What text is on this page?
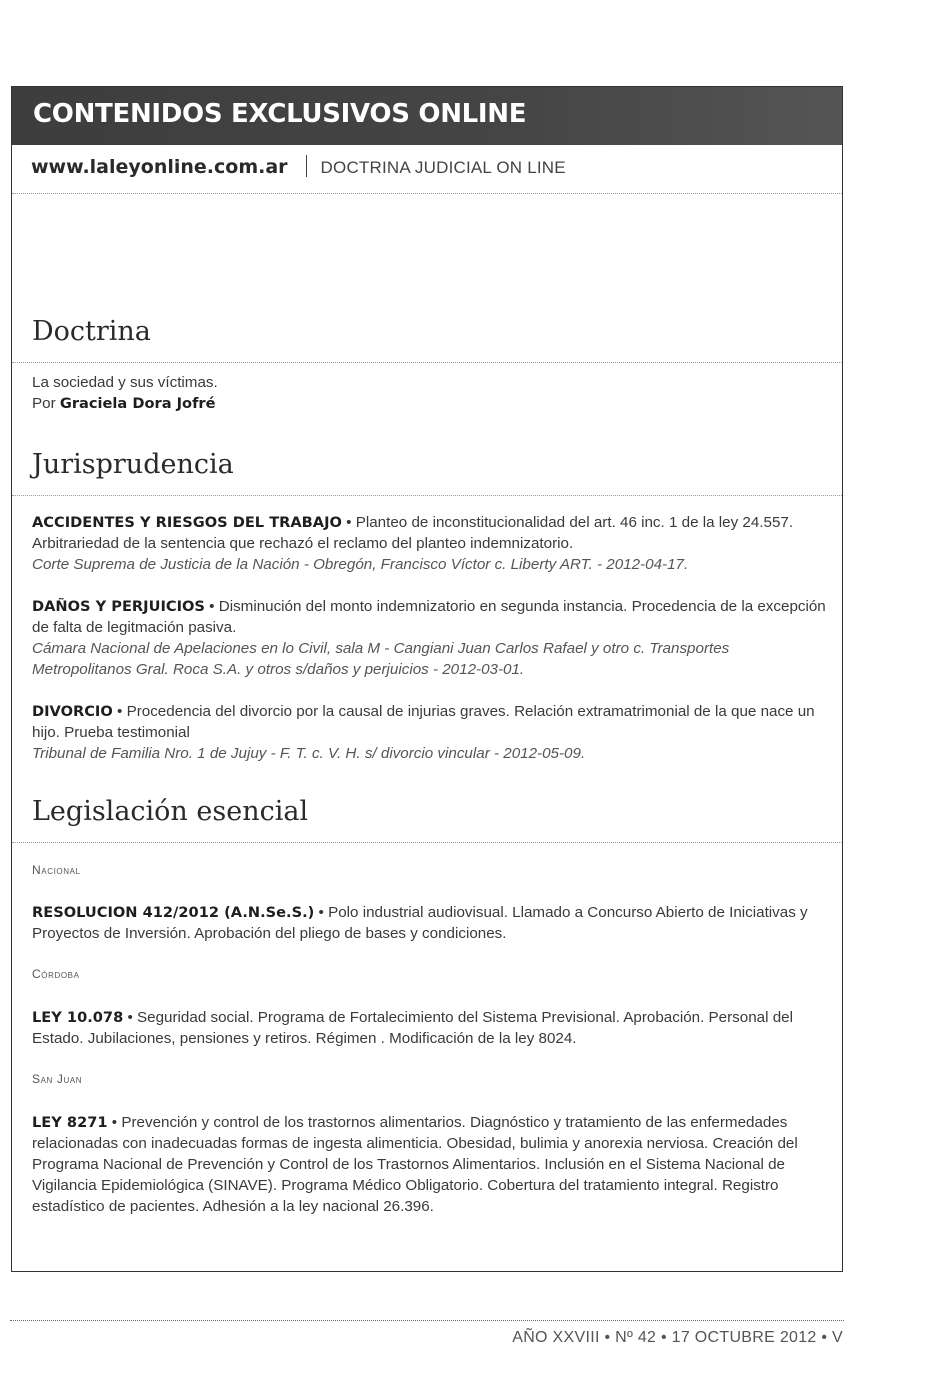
CONTENIDOS EXCLUSIVOS ONLINE
www.laleyonline.com.ar DOCTRINA JUDICIAL ON LINE
Doctrina
La sociedad y sus víctimas.
Por Graciela Dora Jofré
Jurisprudencia
ACCIDENTES Y RIESGOS DEL TRABAJO • Planteo de inconstitucionalidad del art. 46 inc. 1 de la ley 24.557. Arbitrariedad de la sentencia que rechazó el reclamo del planteo indemnizatorio.
Corte Suprema de Justicia de la Nación - Obregón, Francisco Víctor c. Liberty ART. - 2012-04-17.
DAÑOS Y PERJUICIOS • Disminución del monto indemnizatorio en segunda instancia. Procedencia de la excepción de falta de legitmación pasiva.
Cámara Nacional de Apelaciones en lo Civil, sala M - Cangiani Juan Carlos Rafael y otro c. Transportes Metropolitanos Gral. Roca S.A. y otros s/daños y perjuicios - 2012-03-01.
DIVORCIO • Procedencia del divorcio por la causal de injurias graves. Relación extramatrimonial de la que nace un hijo. Prueba testimonial
Tribunal de Familia Nro. 1 de Jujuy - F. T. c. V. H. s/ divorcio vincular - 2012-05-09.
Legislación esencial
Nacional
RESOLUCION 412/2012 (A.N.Se.S.) • Polo industrial audiovisual. Llamado a Concurso Abierto de Iniciativas y Proyectos de Inversión. Aprobación del pliego de bases y condiciones.
Córdoba
LEY 10.078 • Seguridad social. Programa de Fortalecimiento del Sistema Previsional. Aprobación. Personal del Estado. Jubilaciones, pensiones y retiros. Régimen . Modificación de la ley 8024.
San Juan
LEY 8271 • Prevención y control de los trastornos alimentarios. Diagnóstico y tratamiento de las enfermedades relacionadas con inadecuadas formas de ingesta alimenticia. Obesidad, bulimia y anorexia nerviosa. Creación del Programa Nacional de Prevención y Control de los Trastornos Alimentarios. Inclusión en el Sistema Nacional de Vigilancia Epidemiológica (SINAVE). Programa Médico Obligatorio. Cobertura del tratamiento integral. Registro estadístico de pacientes. Adhesión a la ley nacional 26.396.
AÑO XXVIII • Nº 42 • 17 OCTUBRE 2012 • V
